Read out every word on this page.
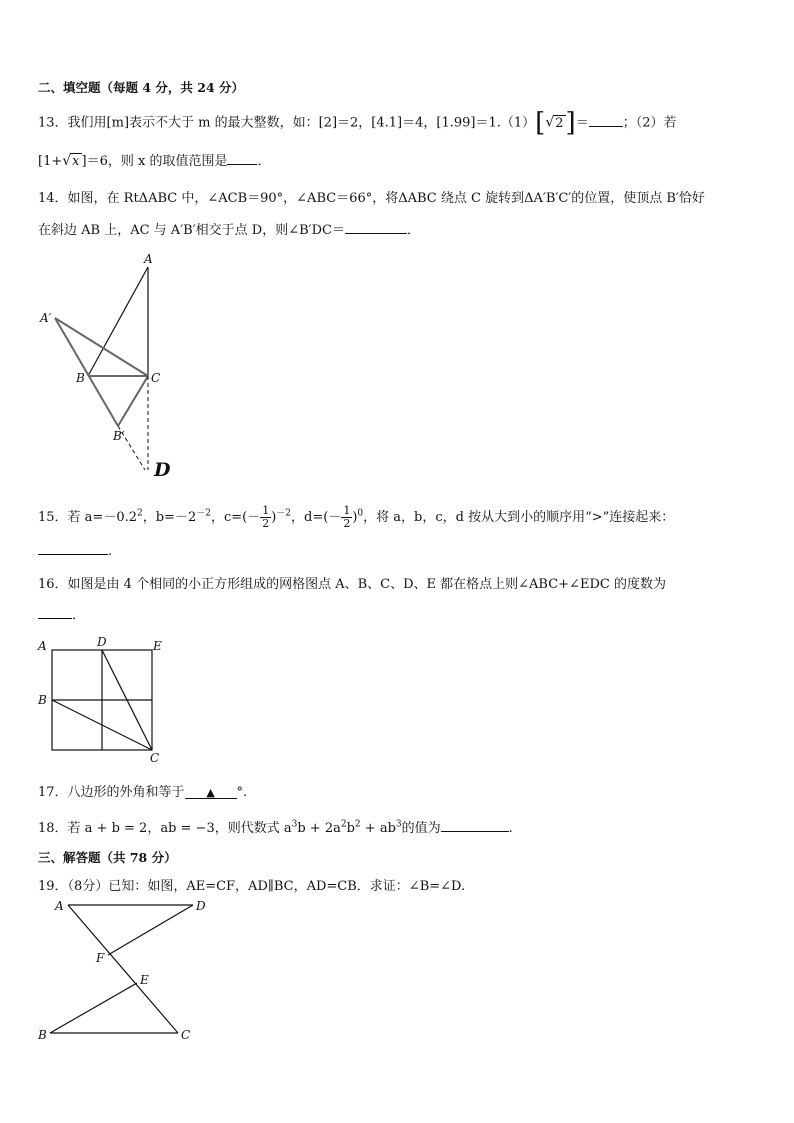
二、填空题（每题 4 分，共 24 分）
13．我们用[m]表示不大于 m 的最大整数，如：[2]＝2，[4.1]＝4，[1.99]＝1.（1）[√2]＝	；（2）若
[1+√x ]＝6，则 x 的取值范围是 ．
14．如图，在 RtΔABC 中，∠ACB＝90°，∠ABC＝66°，将ΔABC 绕点 C 旋转到ΔA′B′C′的位置，使顶点 B′恰好
在斜边 AB 上，AC 与 A′B′相交于点 D，则∠B′DC＝	．
A
A′
B	C
B′
D
15．若 $a=-0.2^2$，$b=-2^{-2}$，$c=(- \frac{1}{2} )^{-2}$，$d=(- \frac{1}{2} )^0$，将 a，b，c，d 按从大到小的顺序用“>”连接起来：
.
16．如图是由 4 个相同的小正方形组成的网格图点 A、B、C、D、E 都在格点上则∠ABC+∠EDC 的度数为
．
A	D	E
B
C
17．八边形的外角和等于 ▲ °.
18．若 a + b = 2，ab = −3，则代数式 $a^3b + 2a^2b^2 + ab^3$的值为	.
三、解答题（共 78 分）
19．（8分）已知：如图，AE=CF，AD∥BC，AD=CB．求证：∠B=∠D.
A	D
F
E
B	C
